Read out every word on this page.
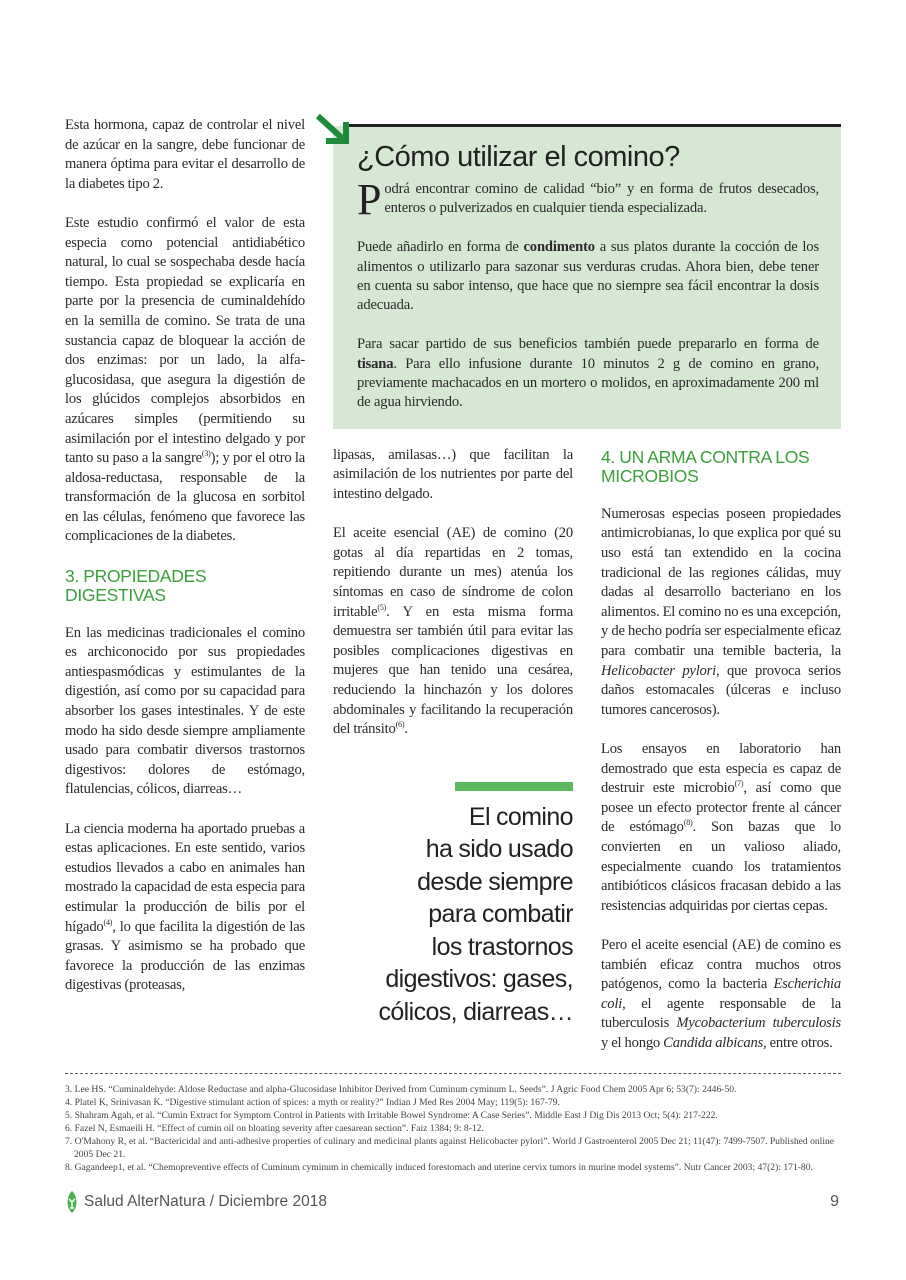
Esta hormona, capaz de controlar el nivel de azúcar en la sangre, debe funcionar de manera óptima para evitar el desarrollo de la diabetes tipo 2.

Este estudio confirmó el valor de esta especia como potencial antidiabético natural, lo cual se sospechaba desde hacía tiempo. Esta propiedad se explicaría en parte por la presencia de cuminaldehído en la semilla de comino. Se trata de una sustancia capaz de bloquear la acción de dos enzimas: por un lado, la alfa-glucosidasa, que asegura la digestión de los glúcidos complejos absorbidos en azúcares simples (permitiendo su asimilación por el intestino delgado y por tanto su paso a la sangre$^{(3)}$); y por el otro la aldosa-reductasa, responsable de la transformación de la glucosa en sorbitol en las células, fenómeno que favorece las complicaciones de la diabetes.

3. PROPIEDADES DIGESTIVAS

En las medicinas tradicionales el comino es archiconocido por sus propiedades antiespasmódicas y estimulantes de la digestión, así como por su capacidad para absorber los gases intestinales. Y de este modo ha sido desde siempre ampliamente usado para combatir diversos trastornos digestivos: dolores de estómago, flatulencias, cólicos, diarreas…

La ciencia moderna ha aportado pruebas a estas aplicaciones. En este sentido, varios estudios llevados a cabo en animales han mostrado la capacidad de esta especia para estimular la producción de bilis por el hígado$^{(4)}$, lo que facilita la digestión de las grasas. Y asimismo se ha probado que favorece la producción de las enzimas digestivas (proteasas,

¿Cómo utilizar el comino?

Podrá encontrar comino de calidad “bio” y en forma de frutos desecados, enteros o pulverizados en cualquier tienda especializada.

Puede añadirlo en forma de condimento a sus platos durante la cocción de los alimentos o utilizarlo para sazonar sus verduras crudas. Ahora bien, debe tener en cuenta su sabor intenso, que hace que no siempre sea fácil encontrar la dosis adecuada.

Para sacar partido de sus beneficios también puede prepararlo en forma de tisana. Para ello infusione durante 10 minutos 2 g de comino en grano, previamente machacados en un mortero o molidos, en aproximadamente 200 ml de agua hirviendo.

lipasas, amilasas…) que facilitan la asimilación de los nutrientes por parte del intestino delgado.

El aceite esencial (AE) de comino (20 gotas al día repartidas en 2 tomas, repitiendo durante un mes) atenúa los síntomas en caso de síndrome de colon irritable$^{(5)}$. Y en esta misma forma demuestra ser también útil para evitar las posibles complicaciones digestivas en mujeres que han tenido una cesárea, reduciendo la hinchazón y los dolores abdominales y facilitando la recuperación del tránsito$^{(6)}$.

El comino
ha sido usado
desde siempre
para combatir
los trastornos
digestivos: gases,
cólicos, diarreas…
4. UN ARMA CONTRA LOS MICROBIOS

Numerosas especias poseen propiedades antimicrobianas, lo que explica por qué su uso está tan extendido en la cocina tradicional de las regiones cálidas, muy dadas al desarrollo bacteriano en los alimentos. El comino no es una excepción, y de hecho podría ser especialmente eficaz para combatir una temible bacteria, la Helicobacter pylori, que provoca serios daños estomacales (úlceras e incluso tumores cancerosos).

Los ensayos en laboratorio han demostrado que esta especia es capaz de destruir este microbio$^{(7)}$, así como que posee un efecto protector frente al cáncer de estómago$^{(8)}$. Son bazas que lo convierten en un valioso aliado, especialmente cuando los tratamientos antibióticos clásicos fracasan debido a las resistencias adquiridas por ciertas cepas.

Pero el aceite esencial (AE) de comino es también eficaz contra muchos otros patógenos, como la bacteria Escherichia coli, el agente responsable de la tuberculosis Mycobacterium tuberculosis y el hongo Candida albicans, entre otros.

3. Lee HS. “Cuminaldehyde: Aldose Reductase and alpha-Glucosidase Inhibitor Derived from Cuminum cyminum L. Seeds”. J Agric Food Chem 2005 Apr 6; 53(7): 2446-50.
4. Platel K, Srinivasan K. “Digestive stimulant action of spices: a myth or reality?” Indian J Med Res 2004 May; 119(5): 167-79.
5. Shahram Agah, et al. “Cumin Extract for Symptom Control in Patients with Irritable Bowel Syndrome: A Case Series”. Middle East J Dig Dis 2013 Oct; 5(4): 217-222.
6. Fazel N, Esmaeili H. “Effect of cumin oil on bloating severity after caesarean section”. Faiz 1384; 9: 8-12.
7. O'Mahony R, et al. “Bactericidal and anti-adhesive properties of culinary and medicinal plants against Helicobacter pylori”. World J Gastroenterol 2005 Dec 21; 11(47): 7499-7507. Published online 2005 Dec 21.
8. Gagandeep1, et al. “Chemopreventive effects of Cuminum cyminum in chemically induced forestomach and uterine cervix tumors in murine model systems”. Nutr Cancer 2003; 47(2): 171-80.
Salud AlterNatura / Diciembre 2018	9
